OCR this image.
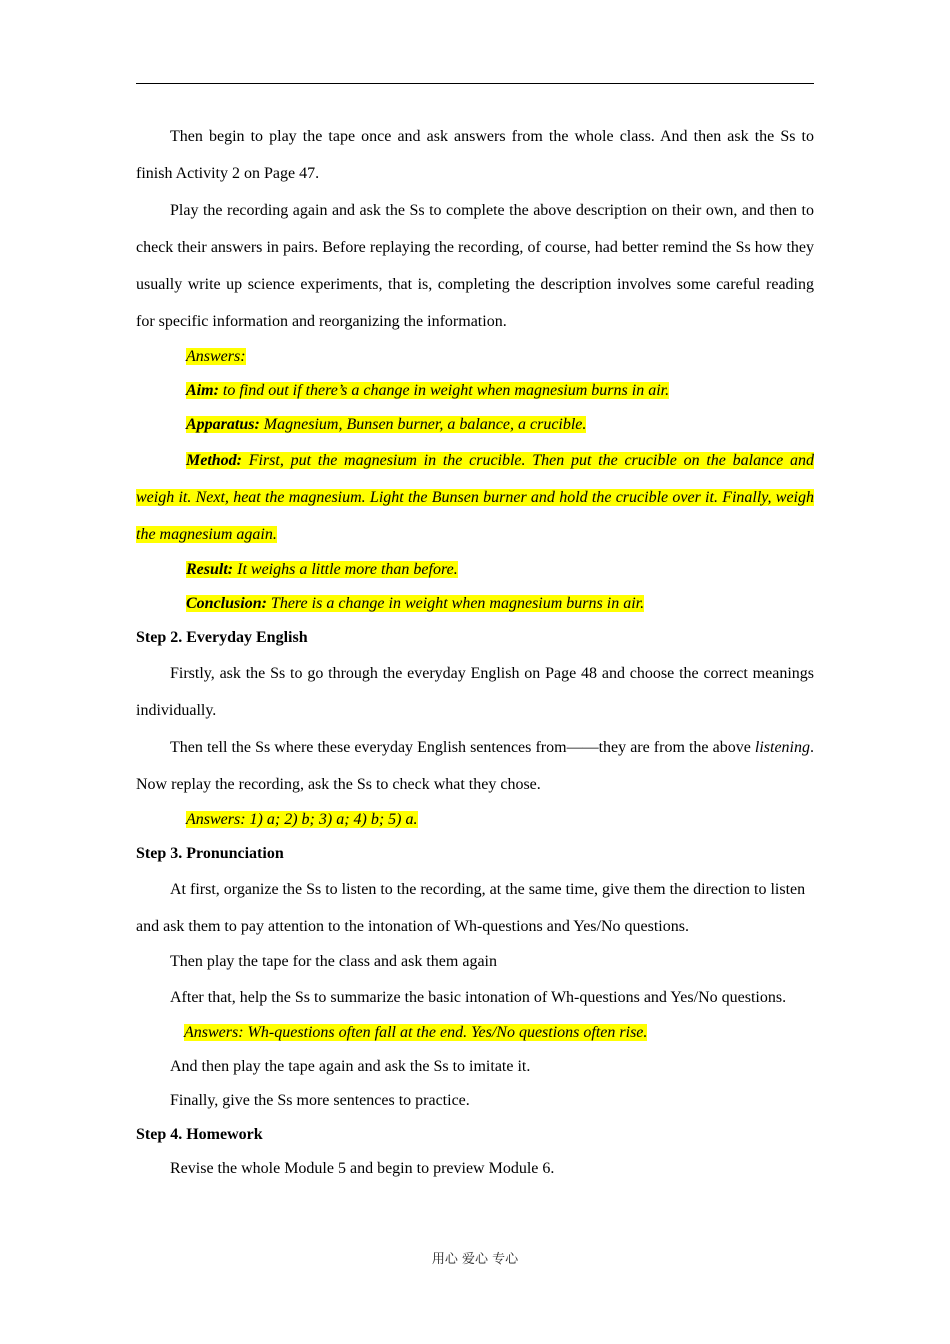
Then begin to play the tape once and ask answers from the whole class. And then ask the Ss to finish Activity 2 on Page 47.

Play the recording again and ask the Ss to complete the above description on their own, and then to check their answers in pairs. Before replaying the recording, of course, had better remind the Ss how they usually write up science experiments, that is, completing the description involves some careful reading for specific information and reorganizing the information.

Answers:

Aim: to find out if there’s a change in weight when magnesium burns in air.

Apparatus: Magnesium, Bunsen burner, a balance, a crucible.

Method: First, put the magnesium in the crucible. Then put the crucible on the balance and weigh it. Next, heat the magnesium. Light the Bunsen burner and hold the crucible over it. Finally, weigh the magnesium again.

Result: It weighs a little more than before.

Conclusion: There is a change in weight when magnesium burns in air.

Step 2. Everyday English

Firstly, ask the Ss to go through the everyday English on Page 48 and choose the correct meanings individually.

Then tell the Ss where these everyday English sentences from——they are from the above listening. Now replay the recording, ask the Ss to check what they chose.

Answers: 1) a; 2) b; 3) a; 4) b; 5) a.

Step 3. Pronunciation

At first, organize the Ss to listen to the recording, at the same time, give them the direction to listen and ask them to pay attention to the intonation of Wh-questions and Yes/No questions.

Then play the tape for the class and ask them again

After that, help the Ss to summarize the basic intonation of Wh-questions and Yes/No questions.

Answers: Wh-questions often fall at the end. Yes/No questions often rise.

And then play the tape again and ask the Ss to imitate it.

Finally, give the Ss more sentences to practice.

Step 4. Homework

Revise the whole Module 5 and begin to preview Module 6.

用心 爱心 专心
